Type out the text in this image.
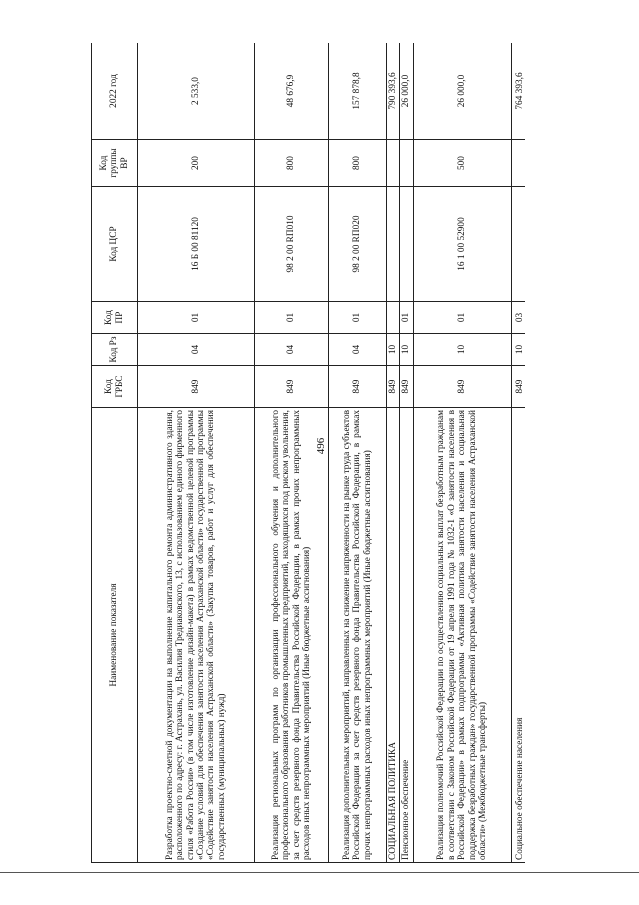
496
Наименование показателя	Код ГРБС	Код Рз	Код ПР	Код ЦСР	Код группы ВР	2022 год
Разработка проектно-сметной документации на выполнение капитального ремонта административного здания, расположенного по адресу: г. Астрахань, ул. Василия Тредиаковского, 13, с использованием единого фирменного стиля «Работа России» (в том числе изготовление дизайн-макета) в рамках ведомственной целевой программы «Создание условий для обеспечения занятости населения Астраханской области» государственной программы «Содействие занятости населения Астраханской области» (Закупка товаров, работ и услуг для обеспечения государственных (муниципальных) нужд)	849	04	01	16 Б 00 81120	200	2 533,0
Реализация региональных программ по организации профессионального обучения и дополнительного профессионального образования работников промышленных предприятий, находящихся под риском увольнения, за счет средств резервного фонда Правительства Российской Федерации, в рамках прочих непрограммных расходов иных непрограммных мероприятий (Иные бюджетные ассигнования)	849	04	01	98 2 00 RП010	800	48 676,9
Реализация дополнительных мероприятий, направленных на снижение напряженности на рынке труда субъектов Российской Федерации за счет средств резервного фонда Правительства Российской Федерации, в рамках прочих непрограммных расходов иных непрограммных мероприятий (Иные бюджетные ассигнования)	849	04	01	98 2 00 RП020	800	157 878,8
СОЦИАЛЬНАЯ ПОЛИТИКА	849	10				790 393,6
Пенсионное обеспечение	849	10	01			26 000,0
Реализация полномочий Российской Федерации по осуществлению социальных выплат безработным гражданам в соответствии с Законом Российской Федерации от 19 апреля 1991 года № 1032-1 «О занятости населения в Российской Федерации» в рамках подпрограммы «Активная политика занятости населения и социальная поддержка безработных граждан» государственной программы «Содействие занятости населения Астраханской области» (Межбюджетные трансферты)	849	10	01	16 1 00 52900	500	26 000,0
Социальное обеспечение населения	849	10	03			764 393,6
